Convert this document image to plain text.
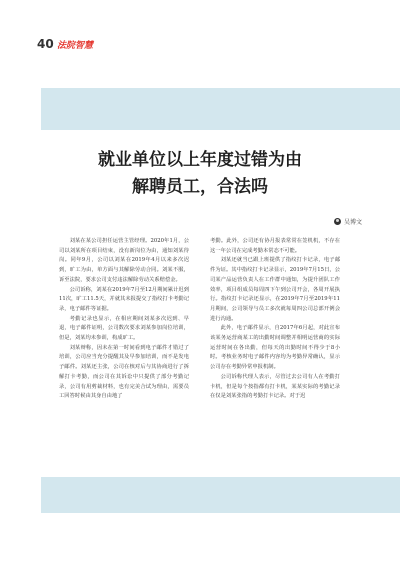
40 法院智慧
就业单位以上年度过错为由
解聘员工，合法吗
吴博文

刘某在某公司担任运营主管经理。2020年1月，公司以刘某所在项目结束，没有新岗位为由，通知刘某待岗。同年9月，公司以刘某在2019年4月以来多次迟到，旷工为由，单方面与其解除劳动合同。刘某不服，诉至法院，要求公司支付违法解除劳动关系赔偿金。

公司诉称，刘某在2019年7月至12月期间累计迟到11次，旷工11.5天，并就其未报提交了指纹打卡考勤记录，电子邮件等证据。

考勤记录也显示，在相应期间刘某多次迟到、早退，电子邮件证明，公司数次要求刘某参加岗位培训，但是，刘某均未参训，构成旷工。

刘某辩称，因未在第一时间看到电子邮件才错过了培训，公司应当充分提醒其及早参加培训，而不是发电子邮件。刘某还主张，公司在核对后与其协商进行了拆解打卡考勤，而公司在其诉讼中只提供了部分考勤记录，公司有用剪裁材料，也有完美合试为理由，需要员工回答时候由其身自由地了

考勤。此外，公司还有协月报表常常在签机机，不存在这一年公司在完成考勤本常态不可能。

刘某还就当已跟上班提供了指纹打卡记录，电子邮件为证。其中指纹打卡记录显示，2019年7月15日，公司某产品运营负责人在工作群中通知，为提升团队工作效率，项目组成员每周四下午到公司开会，各周开展执行。指纹打卡记录还显示，在2019年7月至2019年11月期间，公司领导与员工多次就每周四公司总部开例会进行沟通。

此外，电子邮件显示，自2017年6月起，对此宣布该某务运营商某工的出勤时间调整并相明运营商的实际运营时间在各出勤，但每天的出勤时间不得少于8小时。考核业务时电子邮件内容均为考勤异常确认，显示公司存在考勤异常申报机制。

公司诉称代理人表示，尽管过去公司有人在考勤打卡机，但是每个按指都有打卡机，某某实际的考勤记录在仅是刘某张指的考勤打卡记录。对于迟
